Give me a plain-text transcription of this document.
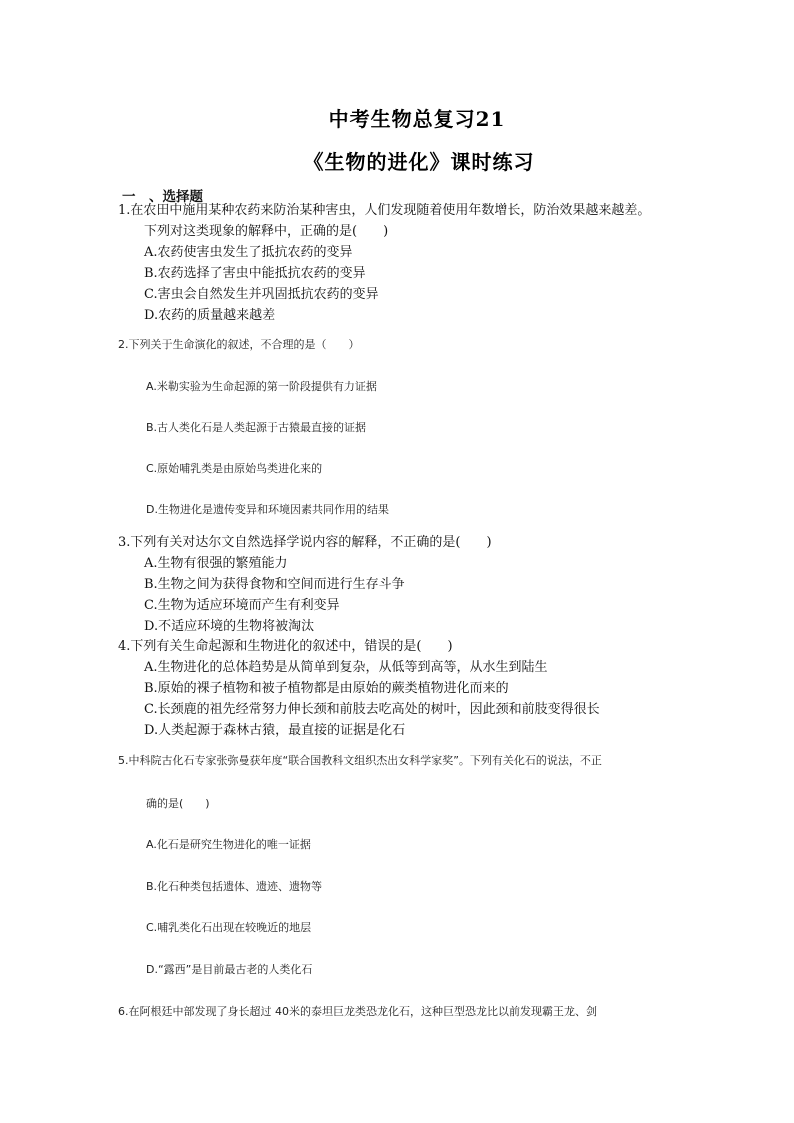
中考生物总复习21
《生物的进化》课时练习
一　、选择题
1.在农田中施用某种农药来防治某种害虫，人们发现随着使用年数增长，防治效果越来越差。
下列对这类现象的解释中，正确的是(　　)
A.农药使害虫发生了抵抗农药的变异
B.农药选择了害虫中能抵抗农药的变异
C.害虫会自然发生并巩固抵抗农药的变异
D.农药的质量越来越差
2.下列关于生命演化的叙述，不合理的是（　　）
A.米勒实验为生命起源的第一阶段提供有力证据
B.古人类化石是人类起源于古猿最直接的证据
C.原始哺乳类是由原始鸟类进化来的
D.生物进化是遗传变异和环境因素共同作用的结果
3.下列有关对达尔文自然选择学说内容的解释，不正确的是(　　)
A.生物有很强的繁殖能力
B.生物之间为获得食物和空间而进行生存斗争
C.生物为适应环境而产生有利变异
D.不适应环境的生物将被淘汰
4.下列有关生命起源和生物进化的叙述中，错误的是(　　)
A.生物进化的总体趋势是从简单到复杂，从低等到高等，从水生到陆生
B.原始的裸子植物和被子植物都是由原始的蕨类植物进化而来的
C.长颈鹿的祖先经常努力伸长颈和前肢去吃高处的树叶，因此颈和前肢变得很长
D.人类起源于森林古猿，最直接的证据是化石
5.中科院古化石专家张弥曼获年度“联合国教科文组织杰出女科学家奖”。下列有关化石的说法，不正
确的是(　　)
A.化石是研究生物进化的唯一证据
B.化石种类包括遗体、遗迹、遗物等
C.哺乳类化石出现在较晚近的地层
D.“露西”是目前最古老的人类化石
6.在阿根廷中部发现了身长超过 40米的泰坦巨龙类恐龙化石，这种巨型恐龙比以前发现霸王龙、剑
